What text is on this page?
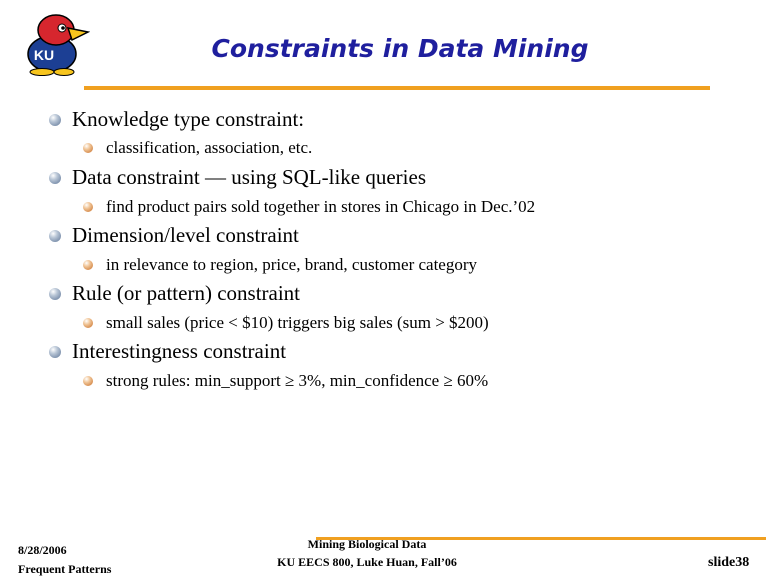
KU	Constraints in Data Mining
Knowledge type constraint:
classification, association, etc.
Data constraint — using SQL-like queries
find product pairs sold together in stores in Chicago in Dec.’02
Dimension/level constraint
in relevance to region, price, brand, customer category
Rule (or pattern) constraint
small sales (price < $10) triggers big sales (sum > $200)
Interestingness constraint
strong rules: min_support ≥ 3%, min_confidence ≥ 60%
8/28/2006
Frequent Patterns
Mining Biological Data
KU EECS 800, Luke Huan, Fall’06	slide38
